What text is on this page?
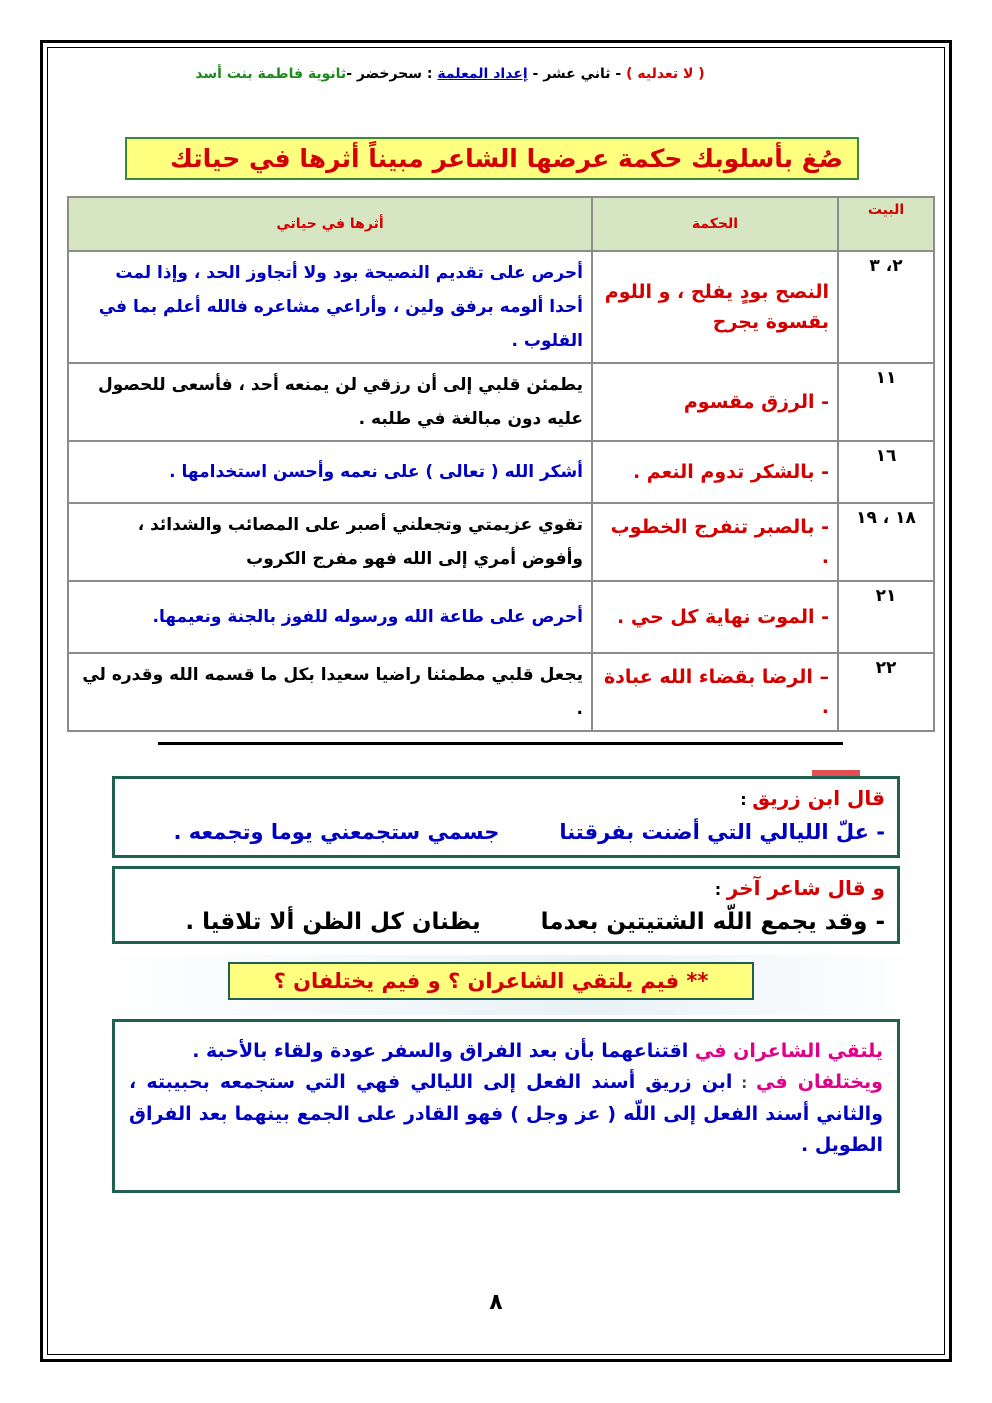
( لا تعدليه ) - ثاني عشر - إعداد المعلمة : سحرخضر -ثانوية فاطمة بنت أسد
صُغ بأسلوبك حكمة عرضها الشاعر مبيناً أثرها في حياتك
البيت	الحكمة	أثرها في حياتي
٢، ٣	النصح بودٍ يفلح ، و اللوم بقسوة يجرح	أحرص على تقديم النصيحة بود ولا أتجاوز الحد ، وإذا لمت أحدا ألومه برفق ولين ، وأراعي مشاعره فالله أعلم بما في القلوب .
١١	- الرزق مقسوم	يطمئن قلبي إلى أن رزقي لن يمنعه أحد ، فأسعى للحصول عليه دون مبالغة في طلبه .
١٦	- بالشكر تدوم النعم .	أشكر الله ( تعالى ) على نعمه وأحسن استخدامها .
١٨ ، ١٩	- بالصبر تنفرج الخطوب .	تقوي عزيمتي وتجعلني أصبر على المصائب والشدائد ، وأفوض أمري إلى الله فهو مفرج الكروب
٢١	- الموت نهاية كل حي .	أحرص على طاعة الله ورسوله للفوز بالجنة ونعيمها.
٢٢	– الرضا بقضاء الله عبادة .	يجعل قلبي مطمئنا راضيا سعيدا بكل ما قسمه الله وقدره لي .
قال ابن زريق :
- علّ الليالي التي أضنت بفرقتناجسمي ستجمعني يوما وتجمعه .
و قال شاعر آخر :
- وقد يجمع اللّه الشتيتين بعدمايظنان كل الظن ألا تلاقيا .
** فيم يلتقي الشاعران ؟ و فيم يختلفان ؟
يلتقي الشاعران في اقتناعهما بأن بعد الفراق والسفر عودة ولقاء بالأحبة .
ويختلفان في : ابن زريق أسند الفعل إلى الليالي فهي التي ستجمعه بحبيبته ، والثاني أسند الفعل إلى اللّه ( عز وجل ) فهو القادر على الجمع بينهما بعد الفراق الطويل .
٨
